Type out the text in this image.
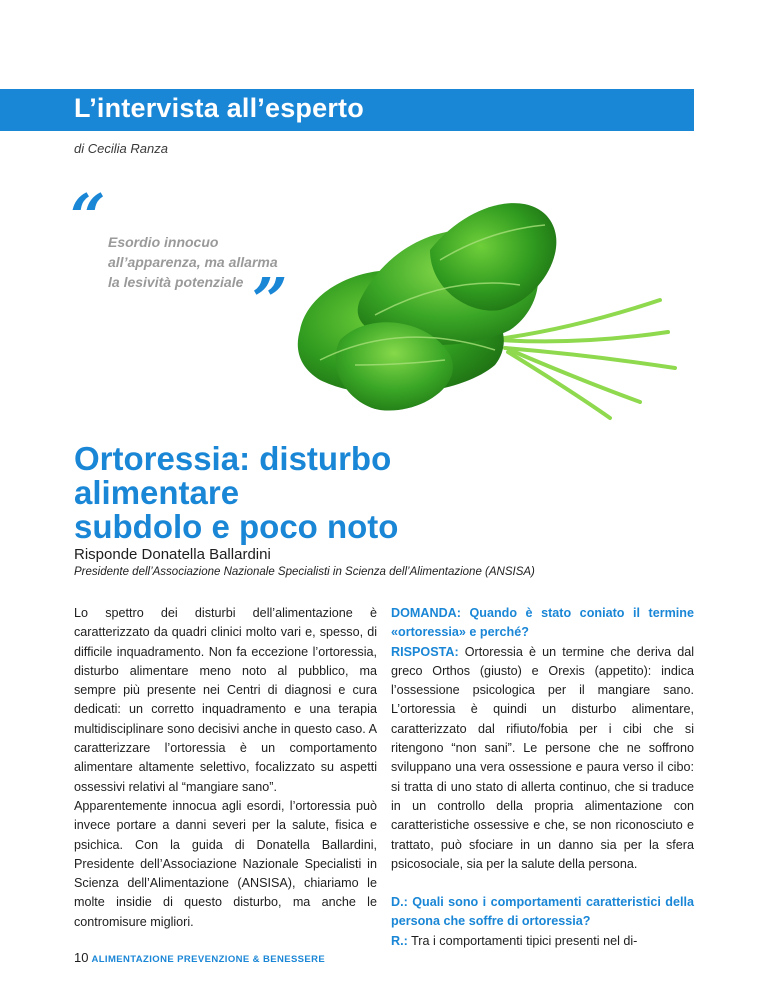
L’intervista all’esperto
di Cecilia Ranza
“ Esordio innocuo
all’apparenza, ma allarma
la lesività potenziale ”
Ortoressia: disturbo
alimentare
subdolo e poco noto
Risponde Donatella Ballardini
Presidente dell’Associazione Nazionale Specialisti in Scienza dell’Alimentazione (ANSISA)

Lo spettro dei disturbi dell’alimentazione è caratterizzato da quadri clinici molto vari e, spesso, di difficile inquadramento. Non fa eccezione l’ortoressia, disturbo alimentare meno noto al pubblico, ma sempre più presente nei Centri di diagnosi e cura dedicati: un corretto inquadramento e una terapia multidisciplinare sono decisivi anche in questo caso. A caratterizzare l’ortoressia è un comportamento alimentare altamente selettivo, focalizzato su aspetti ossessivi relativi al “mangiare sano”.

Apparentemente innocua agli esordi, l’ortoressia può invece portare a danni severi per la salute, fisica e psichica. Con la guida di Donatella Ballardini, Presidente dell’Associazione Nazionale Specialisti in Scienza dell’Alimentazione (ANSISA), chiariamo le molte insidie di questo disturbo, ma anche le contromisure migliori.

DOMANDA: Quando è stato coniato il termine «ortoressia» e perché?

RISPOSTA: Ortoressia è un termine che deriva dal greco Orthos (giusto) e Orexis (appetito): indica l’ossessione psicologica per il mangiare sano. L’ortoressia è quindi un disturbo alimentare, caratterizzato dal rifiuto/fobia per i cibi che si ritengono “non sani”. Le persone che ne soffrono sviluppano una vera ossessione e paura verso il cibo: si tratta di uno stato di allerta continuo, che si traduce in un controllo della propria alimentazione con caratteristiche ossessive e che, se non riconosciuto e trattato, può sfociare in un danno sia per la sfera psicosociale, sia per la salute della persona.

D.: Quali sono i comportamenti caratteristici della persona che soffre di ortoressia?

R.: Tra i comportamenti tipici presenti nel di-

10 ALIMENTAZIONE PREVENZIONE & BENESSERE
